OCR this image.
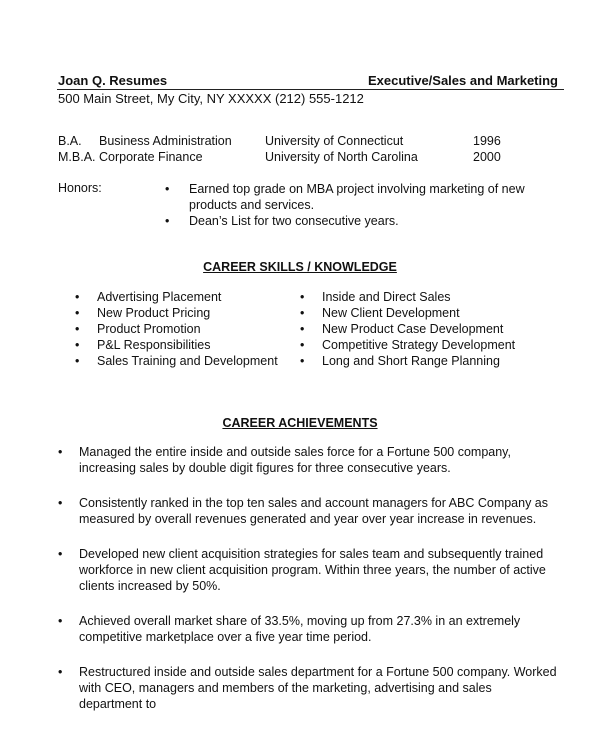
Joan Q. Resumes	Executive/Sales and Marketing
500 Main Street, My City, NY XXXXX (212) 555-1212
B.A. Business Administration	University of Connecticut	1996
M.B.A. Corporate Finance	University of North Carolina	2000
Honors:
•	Earned top grade on MBA project involving marketing of new products and services.
• Dean’s List for two consecutive years.
CAREER SKILLS / KNOWLEDGE
• Advertising Placement
• New Product Pricing
• Product Promotion
• P&L Responsibilities
• Sales Training and Development
• Inside and Direct Sales
• New Client Development
• New Product Case Development
• Competitive Strategy Development
• Long and Short Range Planning
CAREER ACHIEVEMENTS
• Managed the entire inside and outside sales force for a Fortune 500 company, increasing sales by double digit figures for three consecutive years.
• Consistently ranked in the top ten sales and account managers for ABC Company as measured by overall revenues generated and year over year increase in revenues.
• Developed new client acquisition strategies for sales team and subsequently trained workforce in new client acquisition program. Within three years, the number of active clients increased by 50%.
• Achieved overall market share of 33.5%, moving up from 27.3% in an extremely competitive marketplace over a five year time period.
• Restructured inside and outside sales department for a Fortune 500 company. Worked with CEO, managers and members of the marketing, advertising and sales department to
